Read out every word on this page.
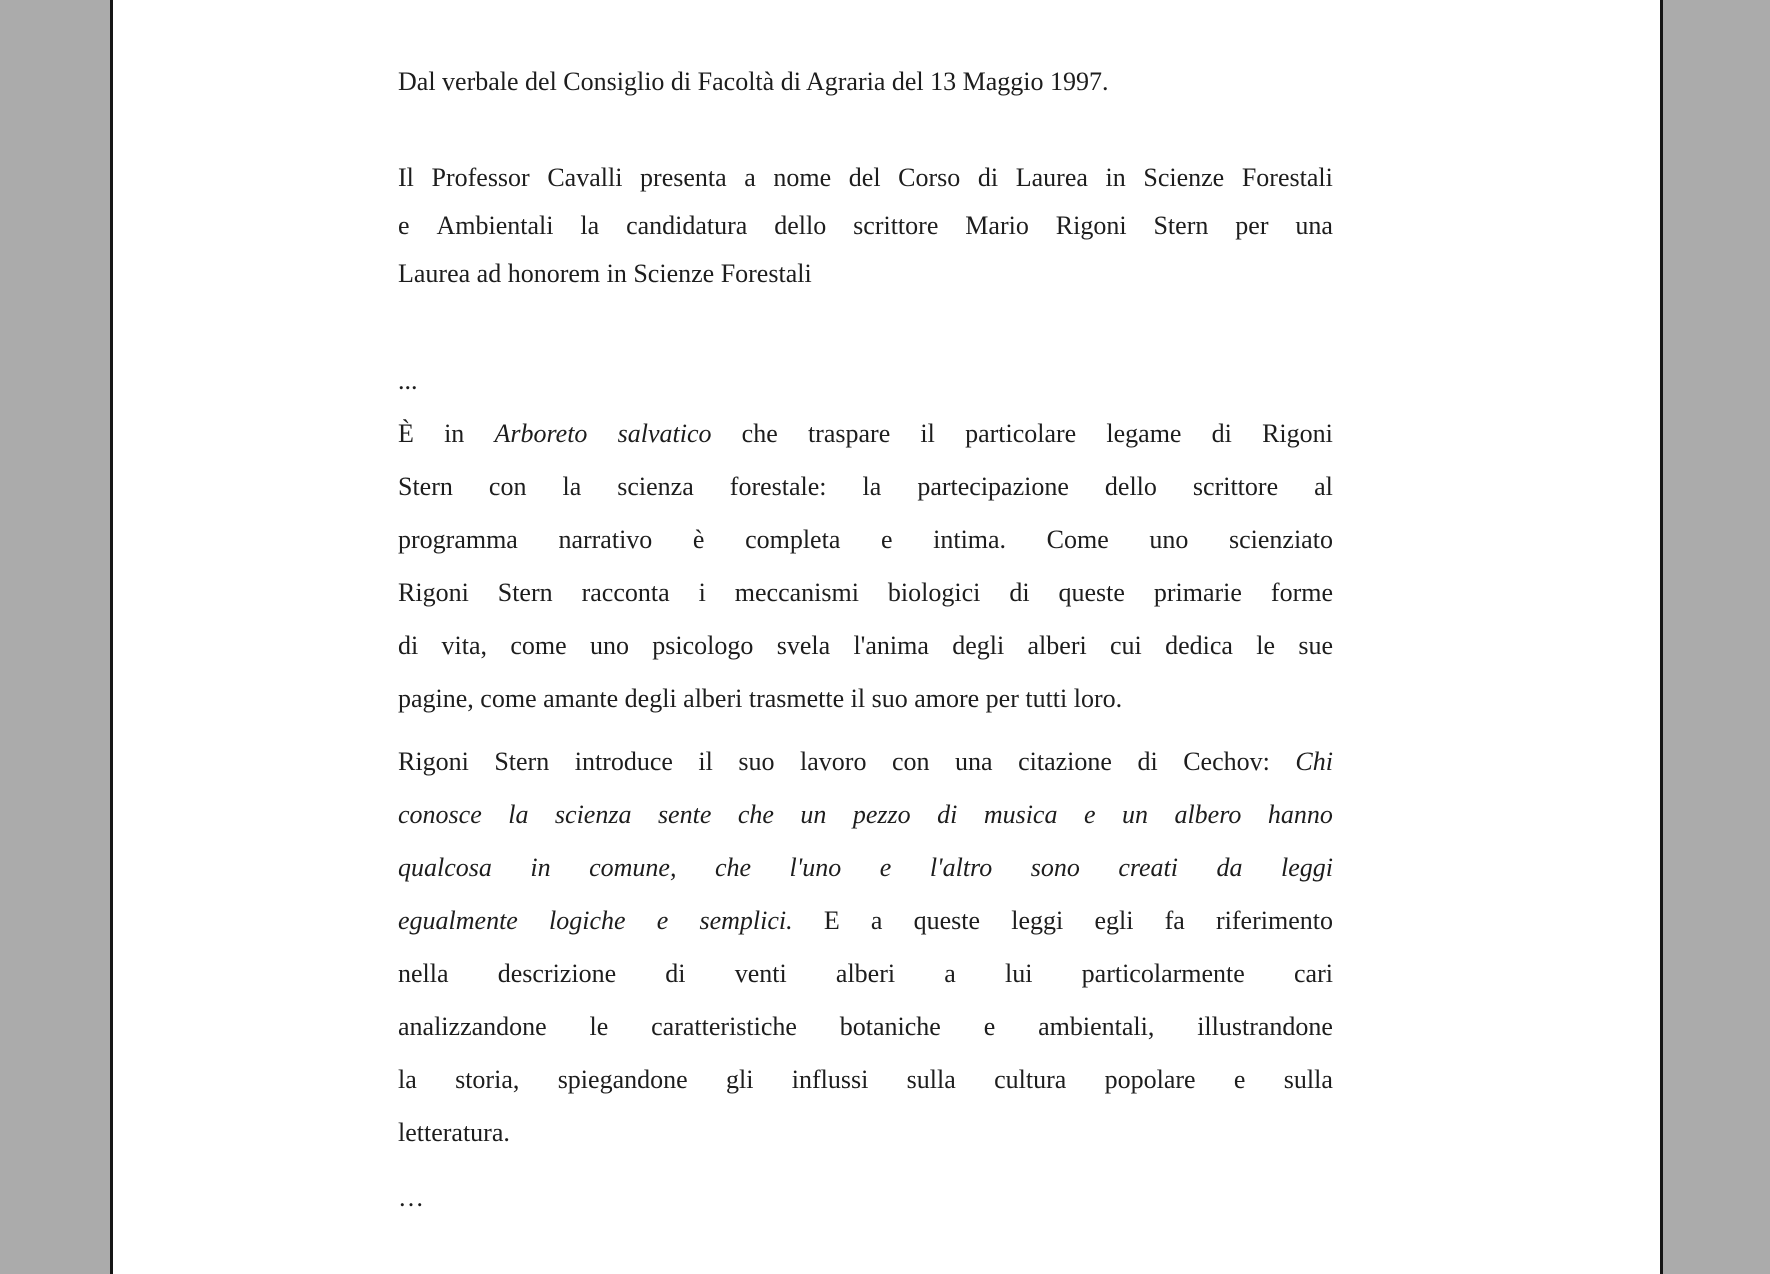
Dal verbale del Consiglio di Facoltà di Agraria del 13 Maggio 1997.
Il Professor Cavalli presenta a nome del Corso di Laurea in Scienze Forestali
e Ambientali la candidatura dello scrittore Mario Rigoni Stern per una
Laurea ad honorem in Scienze Forestali
...
È in Arboreto salvatico che traspare il particolare legame di Rigoni
Stern con la scienza forestale: la partecipazione dello scrittore al
programma narrativo è completa e intima. Come uno scienziato
Rigoni Stern racconta i meccanismi biologici di queste primarie forme
di vita, come uno psicologo svela l'anima degli alberi cui dedica le sue
pagine, come amante degli alberi trasmette il suo amore per tutti loro.
Rigoni Stern introduce il suo lavoro con una citazione di Cechov: Chi
conosce la scienza sente che un pezzo di musica e un albero hanno
qualcosa in comune, che l'uno e l'altro sono creati da leggi
egualmente logiche e semplici. E a queste leggi egli fa riferimento
nella descrizione di venti alberi a lui particolarmente cari
analizzandone le caratteristiche botaniche e ambientali, illustrandone
la storia, spiegandone gli influssi sulla cultura popolare e sulla
letteratura.
…
